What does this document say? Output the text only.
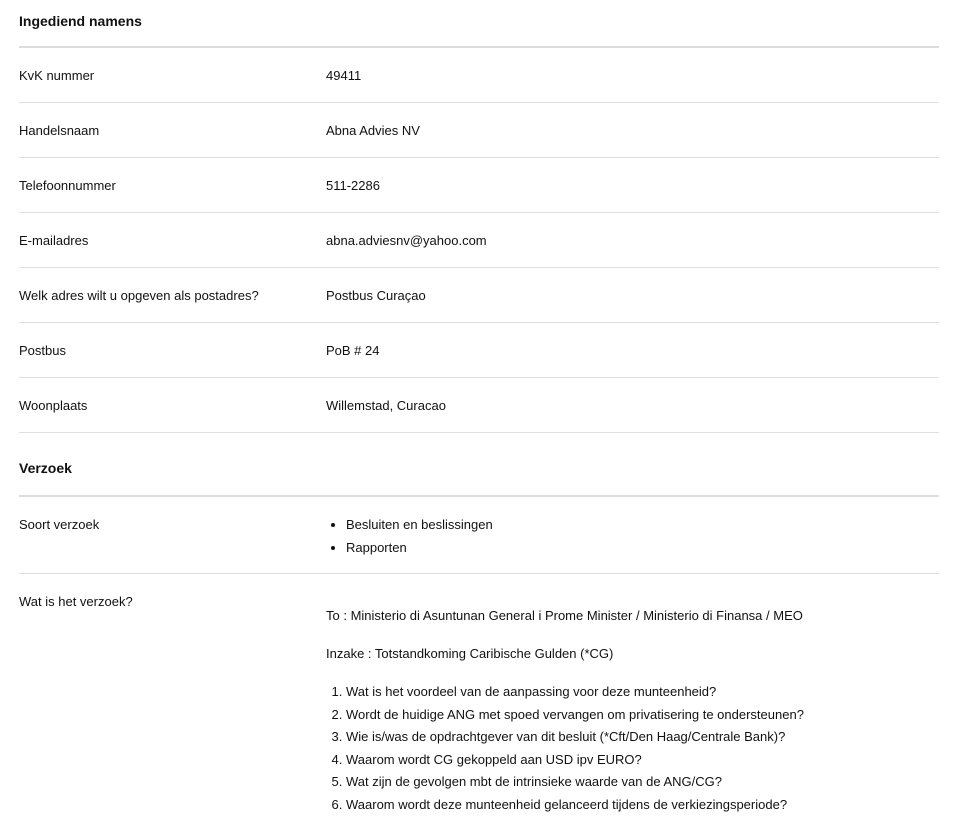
Ingediend namens
KvK nummer	49411
Handelsnaam	Abna Advies NV
Telefoonnummer	511-2286
E-mailadres	abna.adviesnv@yahoo.com
Welk adres wilt u opgeven als postadres?	Postbus Curaçao
Postbus	PoB # 24
Woonplaats	Willemstad, Curacao
Verzoek
Soort verzoek	• Besluiten en beslissingen
• Rapporten
Wat is het verzoek?

To : Ministerio di Asuntunan General i Prome Minister / Ministerio di Finansa / MEO

Inzake : Totstandkoming Caribische Gulden (*CG)

1. Wat is het voordeel van de aanpassing voor deze munteenheid?
2. Wordt de huidige ANG met spoed vervangen om privatisering te ondersteunen?
3. Wie is/was de opdrachtgever van dit besluit (*Cft/Den Haag/Centrale Bank)?
4. Waarom wordt CG gekoppeld aan USD ipv EURO?
5. Wat zijn de gevolgen mbt de intrinsieke waarde van de ANG/CG?
6. Waarom wordt deze munteenheid gelanceerd tijdens de verkiezingsperiode?
